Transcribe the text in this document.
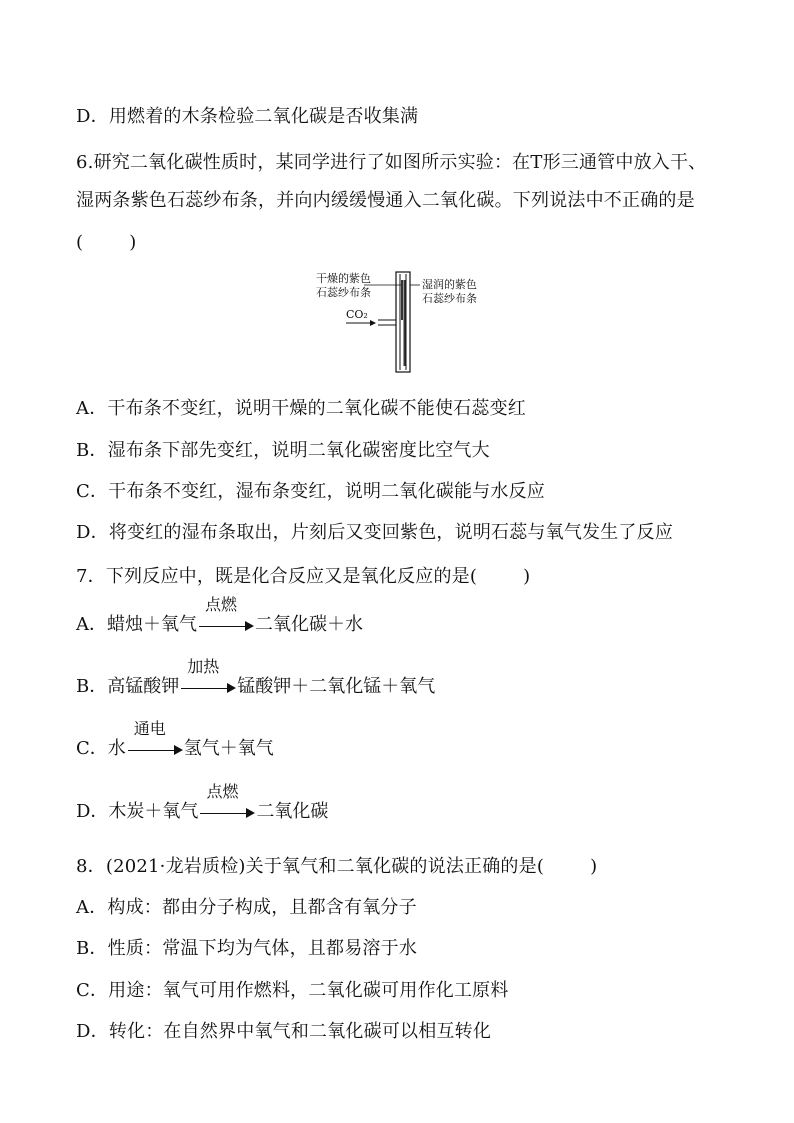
D．用燃着的木条检验二氧化碳是否收集满
6.研究二氧化碳性质时，某同学进行了如图所示实验：在T形三通管中放入干、
湿两条紫色石蕊纱布条，并向内缓缓慢通入二氧化碳。下列说法中不正确的是
(	)
干燥的紫色
石蕊纱布条
湿润的紫色
石蕊纱布条
CO₂
A．干布条不变红，说明干燥的二氧化碳不能使石蕊变红
B．湿布条下部先变红，说明二氧化碳密度比空气大
C．干布条不变红，湿布条变红，说明二氧化碳能与水反应
D．将变红的湿布条取出，片刻后又变回紫色，说明石蕊与氧气发生了反应
7．下列反应中，既是化合反应又是氧化反应的是(	)
A．蜡烛＋氧气
点燃
二氧化碳＋水
B．高锰酸钾
加热
锰酸钾＋二氧化锰＋氧气
C．水
通电
氢气＋氧气
D．木炭＋氧气
点燃
二氧化碳
8．(2021·龙岩质检)关于氧气和二氧化碳的说法正确的是(	)
A．构成：都由分子构成，且都含有氧分子
B．性质：常温下均为气体，且都易溶于水
C．用途：氧气可用作燃料，二氧化碳可用作化工原料
D．转化：在自然界中氧气和二氧化碳可以相互转化
